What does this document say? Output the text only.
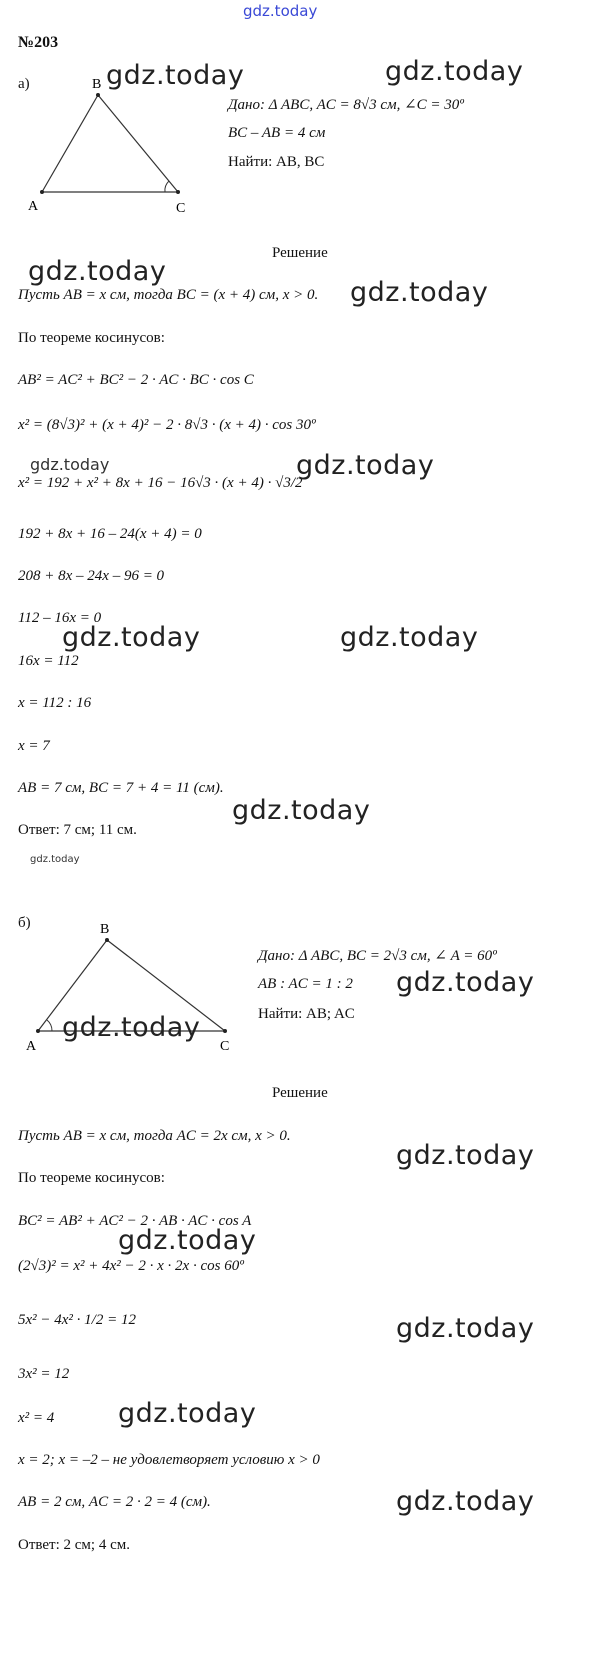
gdz.today
№203
а)	B
A	C
Дано: Δ ABC, AC = 8√3 см, ∠C = 30º
BC – AB = 4 см
Найти: AB, BC
Решение
Пусть AB = x см, тогда BC = (x + 4) см, x > 0.
По теореме косинусов:
AB² = AC² + BC² − 2 · AC · BC · cos C
x² = (8√3)² + (x + 4)² − 2 · 8√3 · (x + 4) · cos 30º
x² = 192 + x² + 8x + 16 − 16√3 · (x + 4) · √3/2
192 + 8x + 16 – 24(x + 4) = 0
208 + 8x – 24x – 96 = 0
112 – 16x = 0
16x = 112
x = 112 : 16
x = 7
AB = 7 см, BC = 7 + 4 = 11 (см).
Ответ: 7 см; 11 см.
б)	B
A	C
Дано: Δ ABC, BC = 2√3 см, ∠ A = 60º
AB : AC = 1 : 2
Найти: AB; AC
Решение
Пусть AB = x см, тогда AC = 2x см, x > 0.
По теореме косинусов:
BC² = AB² + AC² − 2 · AB · AC · cos A
(2√3)² = x² + 4x² − 2 · x · 2x · cos 60º
5x² − 4x² · 1/2 = 12
3x² = 12
x² = 4
x = 2; x = –2 – не удовлетворяет условию x > 0
AB = 2 см, AC = 2 · 2 = 4 (см).
Ответ: 2 см; 4 см.
gdz.today	gdz.today
gdz.today
gdz.today
gdz.today	gdz.today
gdz.today	gdz.today
gdz.today
gdz.today
gdz.today
gdz.today
gdz.today
gdz.today
gdz.today
gdz.today
gdz.today
